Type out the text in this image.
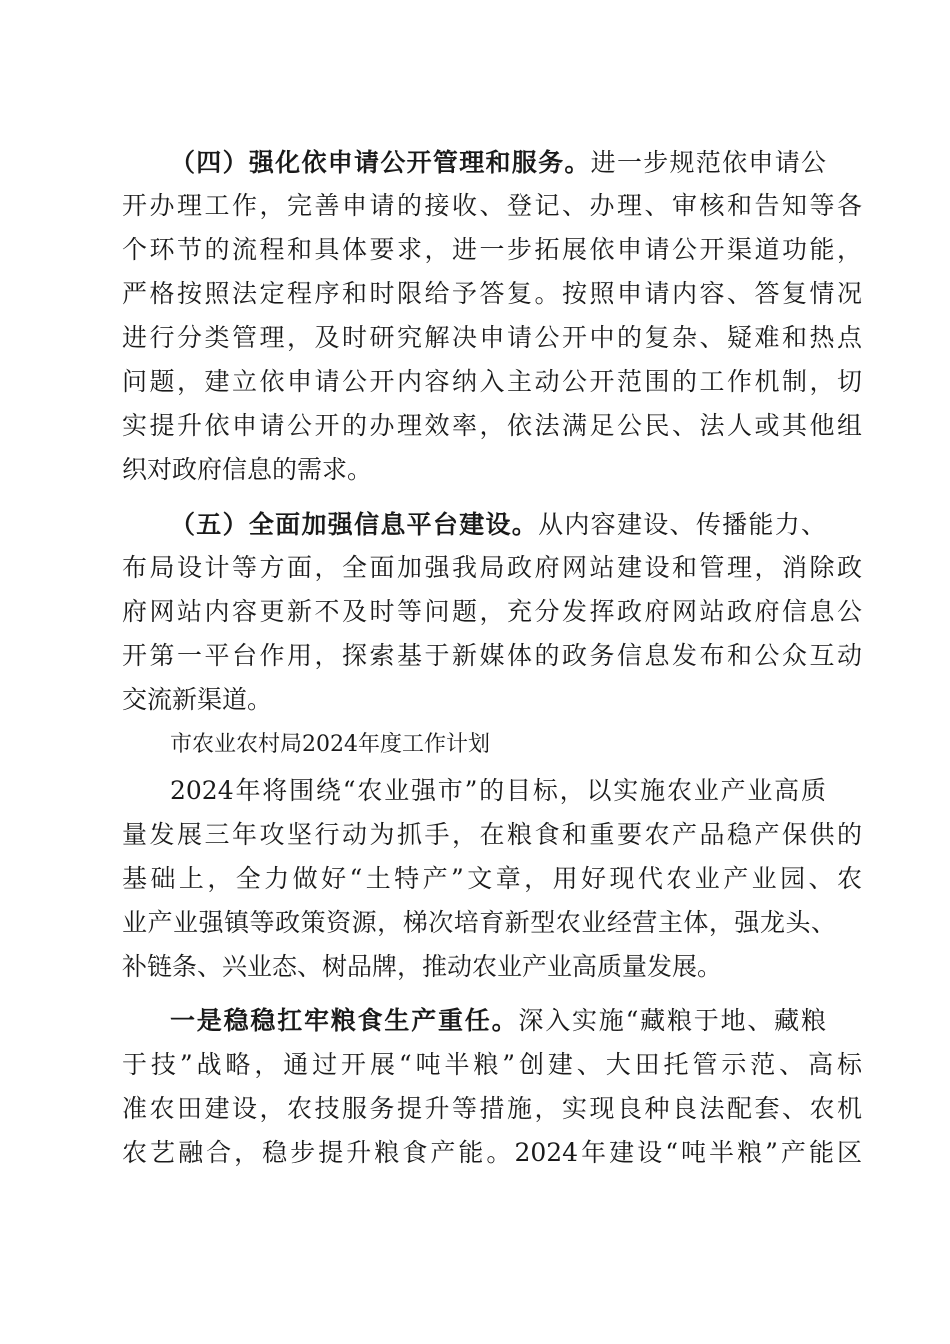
（四）强化依申请公开管理和服务。进一步规范依申请公
开办理工作，完善申请的接收、登记、办理、审核和告知等各
个环节的流程和具体要求，进一步拓展依申请公开渠道功能，
严格按照法定程序和时限给予答复。按照申请内容、答复情况
进行分类管理，及时研究解决申请公开中的复杂、疑难和热点
问题，建立依申请公开内容纳入主动公开范围的工作机制，切
实提升依申请公开的办理效率，依法满足公民、法人或其他组
织对政府信息的需求。
（五）全面加强信息平台建设。从内容建设、传播能力、
布局设计等方面，全面加强我局政府网站建设和管理，消除政
府网站内容更新不及时等问题，充分发挥政府网站政府信息公
开第一平台作用，探索基于新媒体的政务信息发布和公众互动
交流新渠道。
市农业农村局2024年度工作计划
2024年将围绕“农业强市”的目标，以实施农业产业高质
量发展三年攻坚行动为抓手，在粮食和重要农产品稳产保供的
基础上，全力做好“土特产”文章，用好现代农业产业园、农
业产业强镇等政策资源，梯次培育新型农业经营主体，强龙头、
补链条、兴业态、树品牌，推动农业产业高质量发展。
一是稳稳扛牢粮食生产重任。深入实施“藏粮于地、藏粮
于技”战略，通过开展“吨半粮”创建、大田托管示范、高标
准农田建设，农技服务提升等措施，实现良种良法配套、农机
农艺融合，稳步提升粮食产能。2024年建设“吨半粮”产能区
